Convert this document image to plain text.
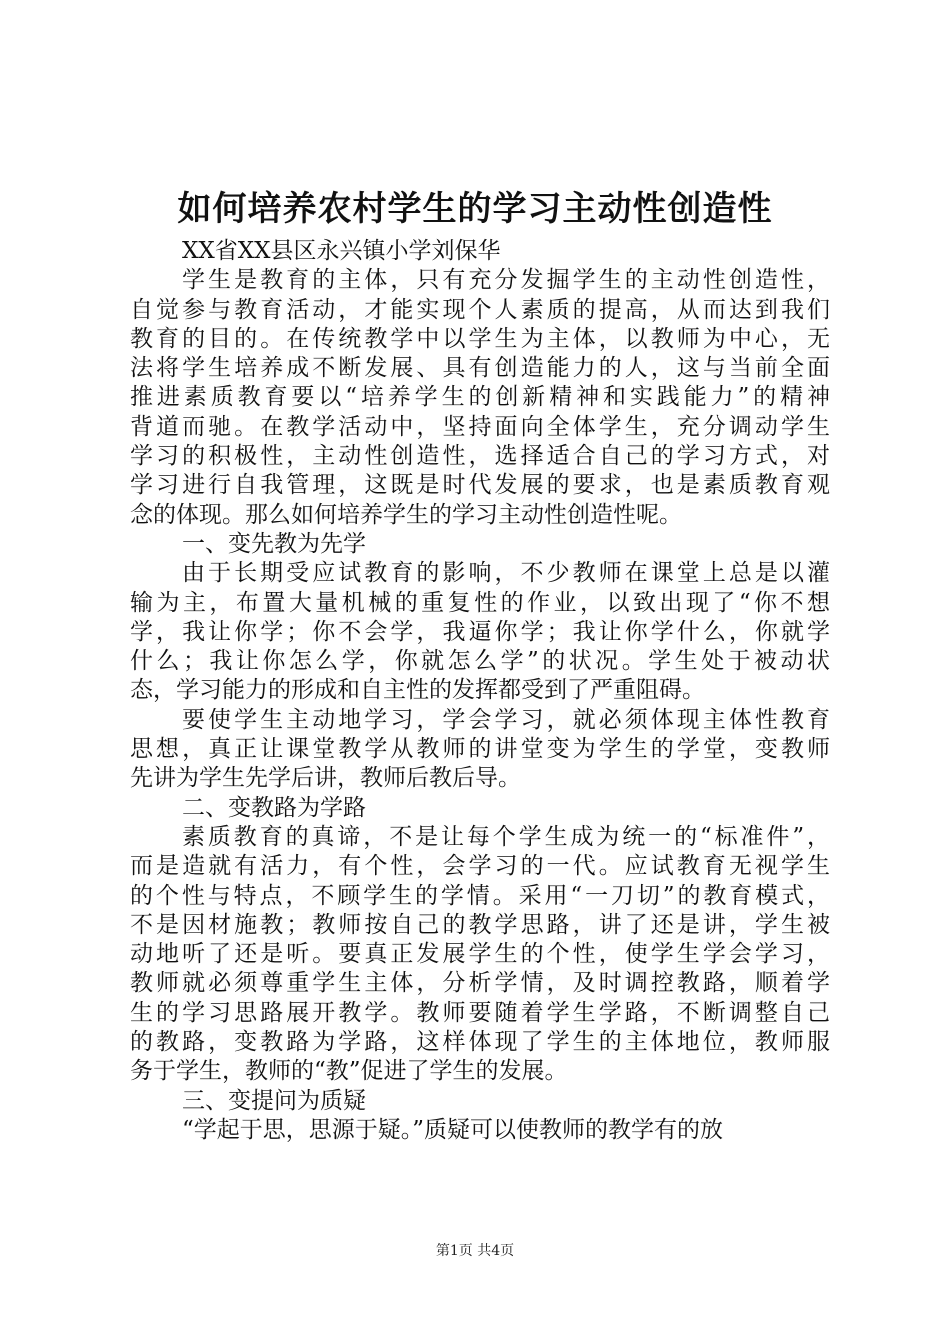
如何培养农村学生的学习主动性创造性
XX省XX县区永兴镇小学刘保华
学生是教育的主体，只有充分发掘学生的主动性创造性，
自觉参与教育活动，才能实现个人素质的提高，从而达到我们
教育的目的。在传统教学中以学生为主体，以教师为中心，无
法将学生培养成不断发展、具有创造能力的人，这与当前全面
推进素质教育要以“培养学生的创新精神和实践能力”的精神
背道而驰。在教学活动中，坚持面向全体学生，充分调动学生
学习的积极性，主动性创造性，选择适合自己的学习方式，对
学习进行自我管理，这既是时代发展的要求，也是素质教育观
念的体现。那么如何培养学生的学习主动性创造性呢。
一、变先教为先学
由于长期受应试教育的影响，不少教师在课堂上总是以灌
输为主，布置大量机械的重复性的作业，以致出现了“你不想
学，我让你学；你不会学，我逼你学；我让你学什么，你就学
什么；我让你怎么学，你就怎么学”的状况。学生处于被动状
态，学习能力的形成和自主性的发挥都受到了严重阻碍。
要使学生主动地学习，学会学习，就必须体现主体性教育
思想，真正让课堂教学从教师的讲堂变为学生的学堂，变教师
先讲为学生先学后讲，教师后教后导。
二、变教路为学路
素质教育的真谛，不是让每个学生成为统一的“标准件”，
而是造就有活力，有个性，会学习的一代。应试教育无视学生
的个性与特点，不顾学生的学情。采用“一刀切”的教育模式，
不是因材施教；教师按自己的教学思路，讲了还是讲，学生被
动地听了还是听。要真正发展学生的个性，使学生学会学习，
教师就必须尊重学生主体，分析学情，及时调控教路，顺着学
生的学习思路展开教学。教师要随着学生学路，不断调整自己
的教路，变教路为学路，这样体现了学生的主体地位，教师服
务于学生，教师的“教”促进了学生的发展。
三、变提问为质疑
“学起于思，思源于疑。”质疑可以使教师的教学有的放
第1页 共4页
